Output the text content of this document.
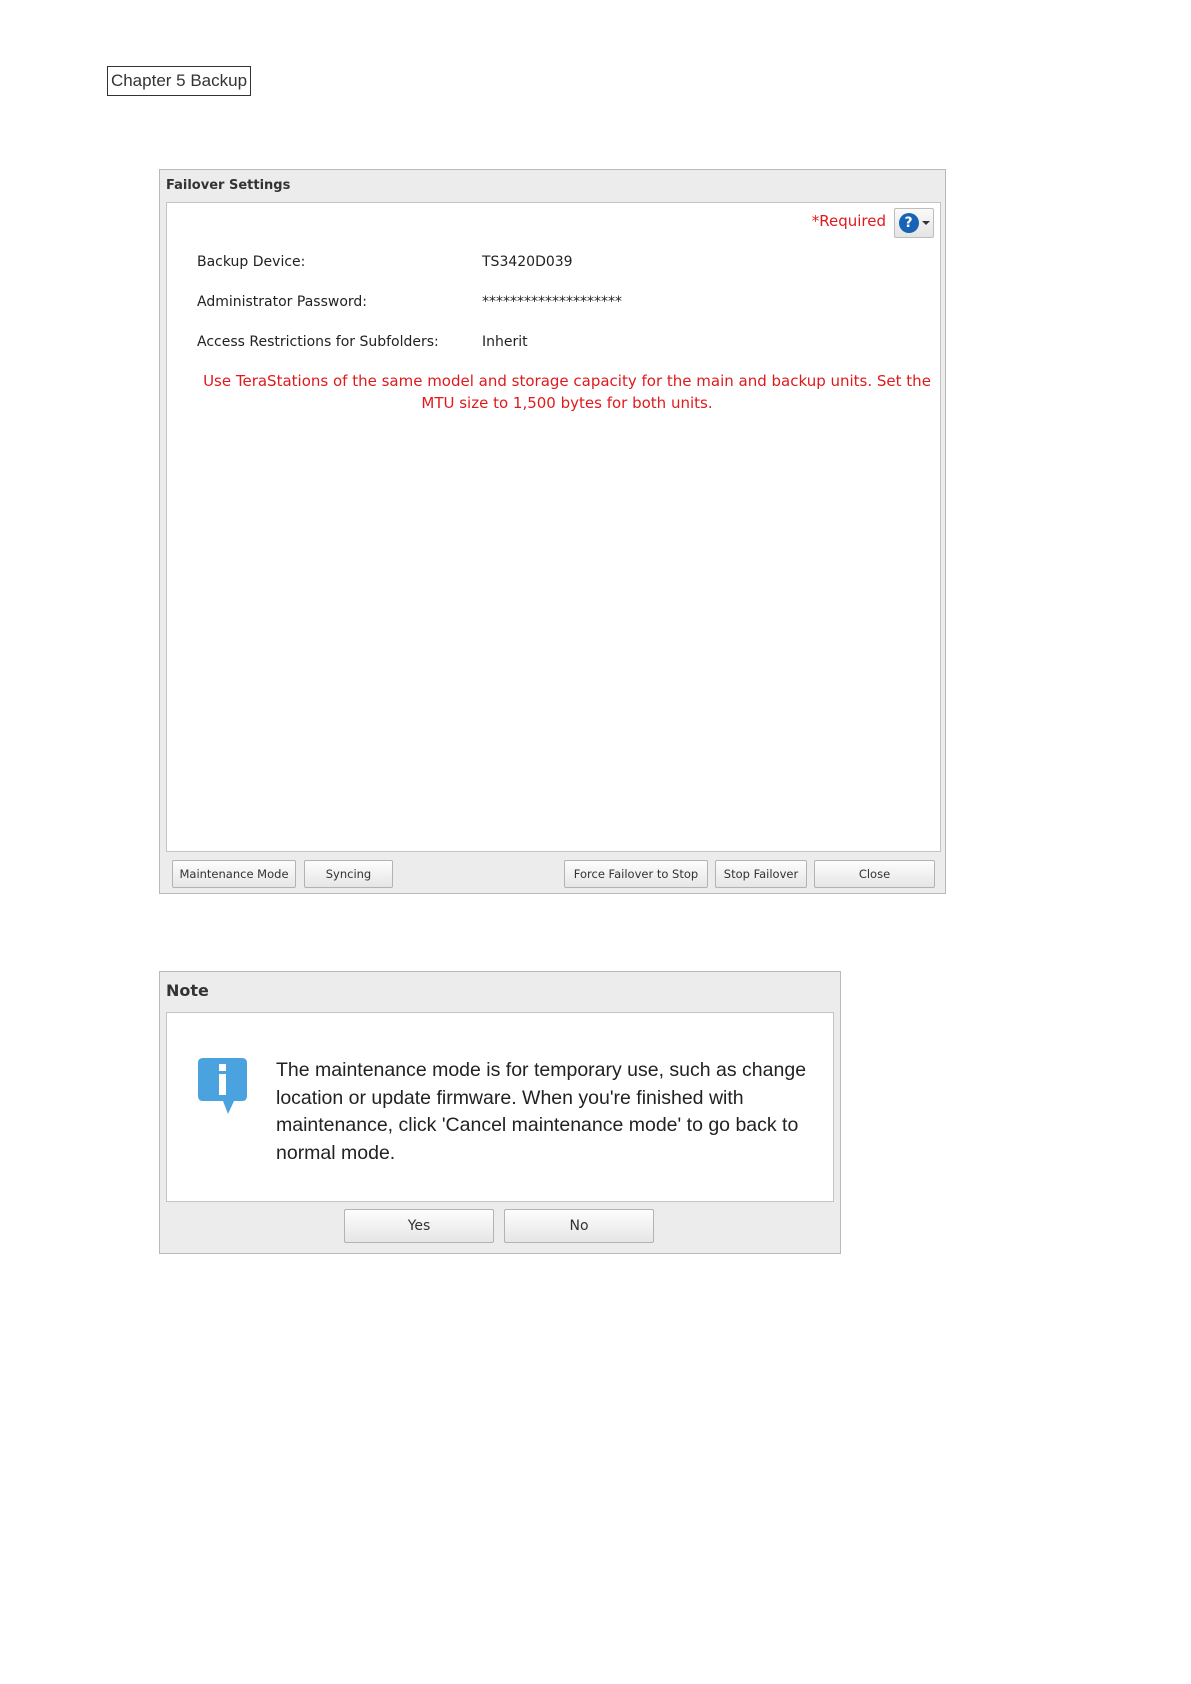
Chapter 5 Backup
Failover Settings
*Required	?
Backup Device:	TS3420D039
Administrator Password:	********************
Access Restrictions for Subfolders:	Inherit
Use TeraStations of the same model and storage capacity for the main and backup units. Set the MTU size to 1,500 bytes for both units.
Maintenance Mode	Syncing	Force Failover to Stop	Stop Failover	Close
Note
The maintenance mode is for temporary use, such as change location or update firmware. When you're finished with maintenance, click 'Cancel maintenance mode' to go back to normal mode.
Yes	No
